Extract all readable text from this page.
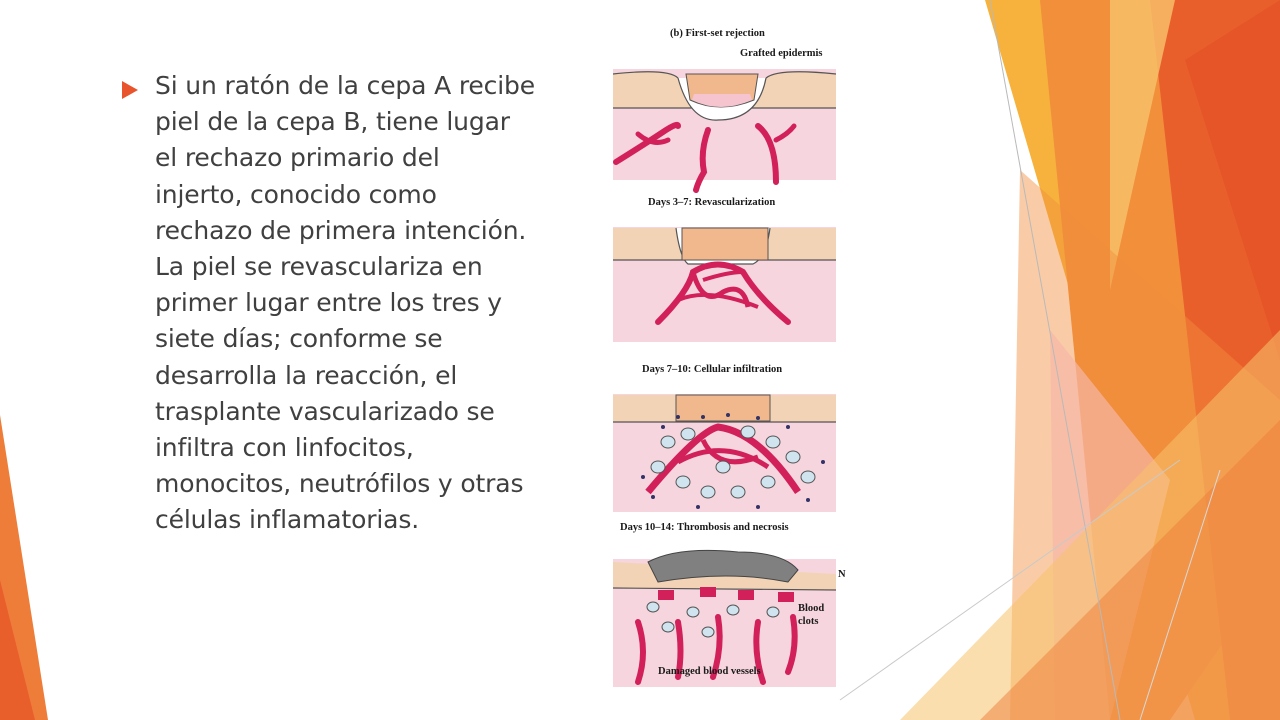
Si un ratón de la cepa A recibe
piel de la cepa B, tiene lugar
el rechazo primario del
injerto, conocido como
rechazo de primera intención.
La piel se revasculariza en
primer lugar entre los tres y
siete días; conforme se
desarrolla la reacción, el
trasplante vascularizado se
infiltra con linfocitos,
monocitos, neutrófilos y otras
células inflamatorias.
(b) First-set rejection
Grafted epidermis
Days 3–7: Revascularization
Days 7–10: Cellular infiltration
Days 10–14: Thrombosis and necrosis
Blood
clots
Damaged blood vessels
N
